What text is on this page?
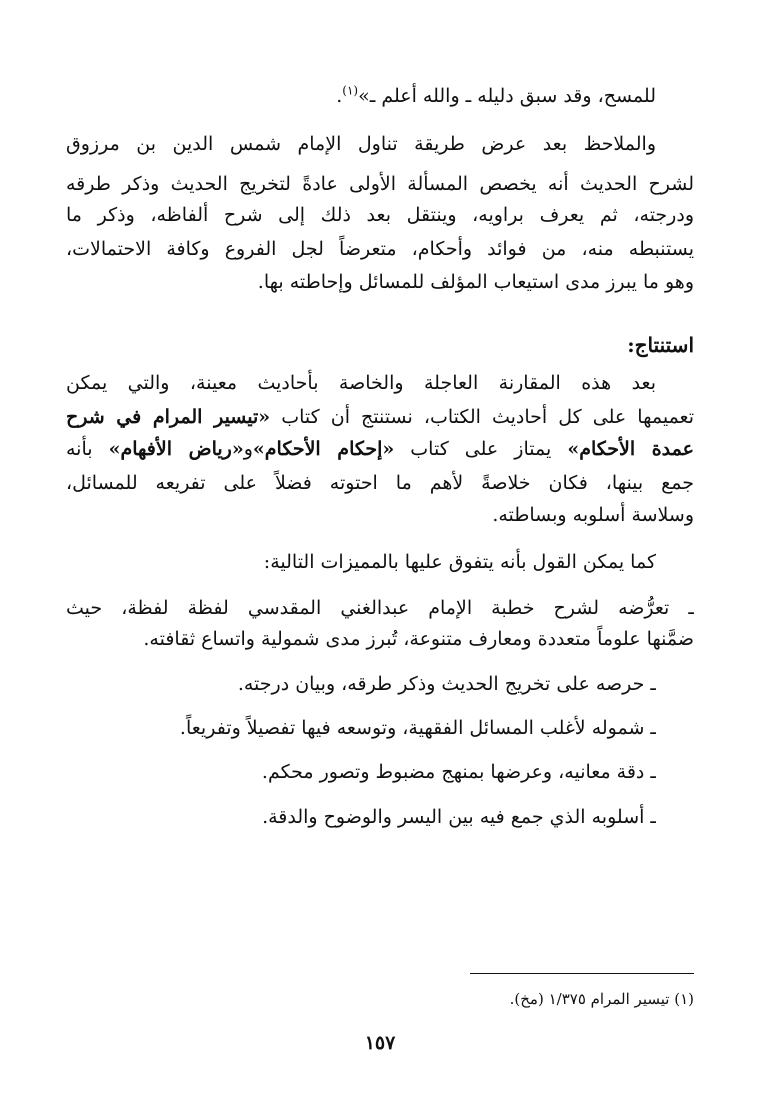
للمسح، وقد سبق دليله ـ والله أعلم ـ»$^{(١)}$.
والملاحظ بعد عرض طريقة تناول الإمام شمس الدين بن مرزوق
لشرح الحديث أنه يخصص المسألة الأولى عادةً لتخريج الحديث وذكر طرقه
ودرجته، ثم يعرف براويه، وينتقل بعد ذلك إلى شرح ألفاظه، وذكر ما
يستنبطه منه، من فوائد وأحكام، متعرضاً لجل الفروع وكافة الاحتمالات،
وهو ما يبرز مدى استيعاب المؤلف للمسائل وإحاطته بها.
استنتاج:
بعد هذه المقارنة العاجلة والخاصة بأحاديث معينة، والتي يمكن
تعميمها على كل أحاديث الكتاب، نستنتج أن كتاب «تيسير المرام في شرح
عمدة الأحكام» يمتاز على كتاب «إحكام الأحكام»و«رياض الأفهام» بأنه
جمع بينها، فكان خلاصةً لأهم ما احتوته فضلاً على تفريعه للمسائل،
وسلاسة أسلوبه وبساطته.
كما يمكن القول بأنه يتفوق عليها بالمميزات التالية:
ـ تعرُّضه لشرح خطبة الإمام عبدالغني المقدسي لفظة لفظة، حيث
ضمَّنها علوماً متعددة ومعارف متنوعة، تُبرز مدى شمولية واتساع ثقافته.
ـ حرصه على تخريج الحديث وذكر طرقه، وبيان درجته.
ـ شموله لأغلب المسائل الفقهية، وتوسعه فيها تفصيلاً وتفريعاً.
ـ دقة معانيه، وعرضها بمنهج مضبوط وتصور محكم.
ـ أسلوبه الذي جمع فيه بين اليسر والوضوح والدقة.
(١) تيسير المرام ١/٣٧٥ (مخ).
١٥٧
